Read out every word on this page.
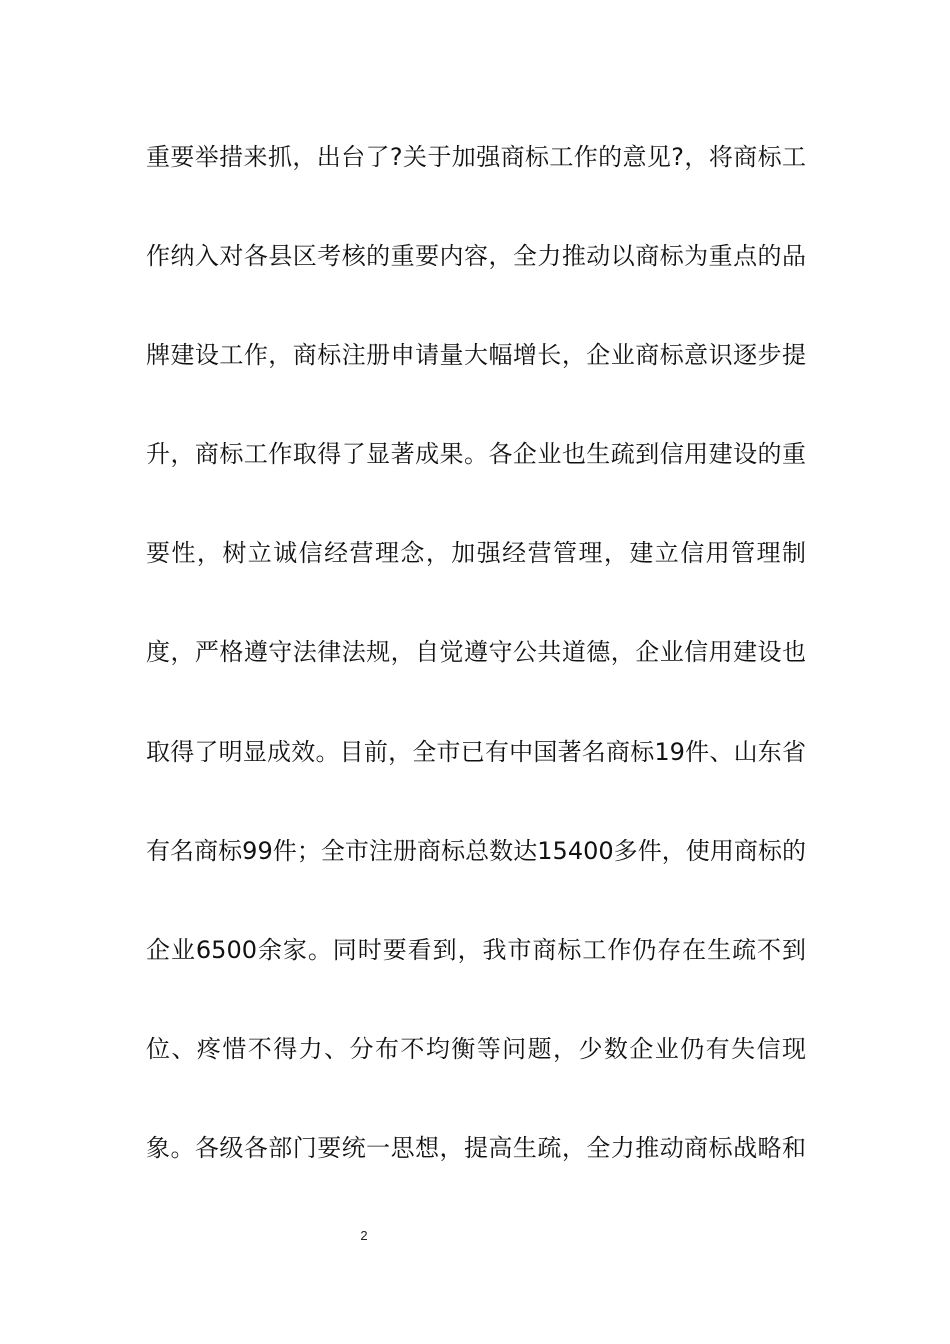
重要举措来抓，出台了?关于加强商标工作的意见?，将商标工
作纳入对各县区考核的重要内容，全力推动以商标为重点的品
牌建设工作，商标注册申请量大幅增长，企业商标意识逐步提
升，商标工作取得了显著成果。各企业也生疏到信用建设的重
要性，树立诚信经营理念，加强经营管理，建立信用管理制
度，严格遵守法律法规，自觉遵守公共道德，企业信用建设也
取得了明显成效。目前，全市已有中国著名商标19件、山东省
有名商标99件；全市注册商标总数达15400多件，使用商标的
企业6500余家。同时要看到，我市商标工作仍存在生疏不到
位、疼惜不得力、分布不均衡等问题，少数企业仍有失信现
象。各级各部门要统一思想，提高生疏，全力推动商标战略和
2
